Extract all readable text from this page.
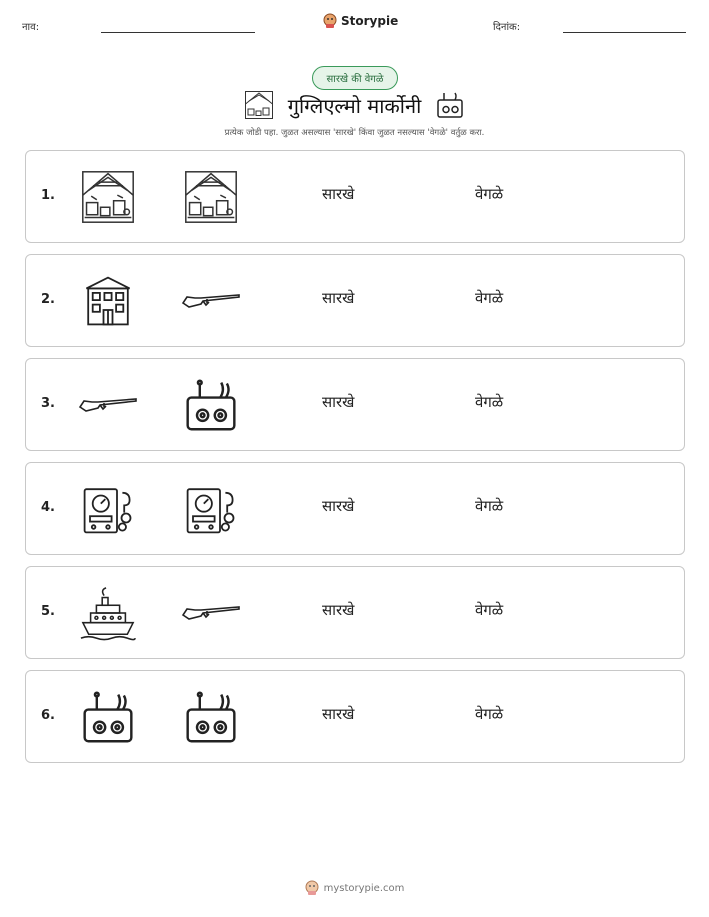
नाव:	Storypie	दिनांक:
सारखे की वेगळे
गुग्लिएल्मो मार्कोनी
प्रत्येक जोडी पहा. जुळत असल्यास 'सारखे' किंवा जुळत नसल्यास 'वेगळे' वर्तुळ करा.
1.	सारखे	वेगळे
2.	सारखे	वेगळे
3.	सारखे	वेगळे
4.	सारखे	वेगळे
5.	सारखे	वेगळे
6.	सारखे	वेगळे
mystorypie.com
